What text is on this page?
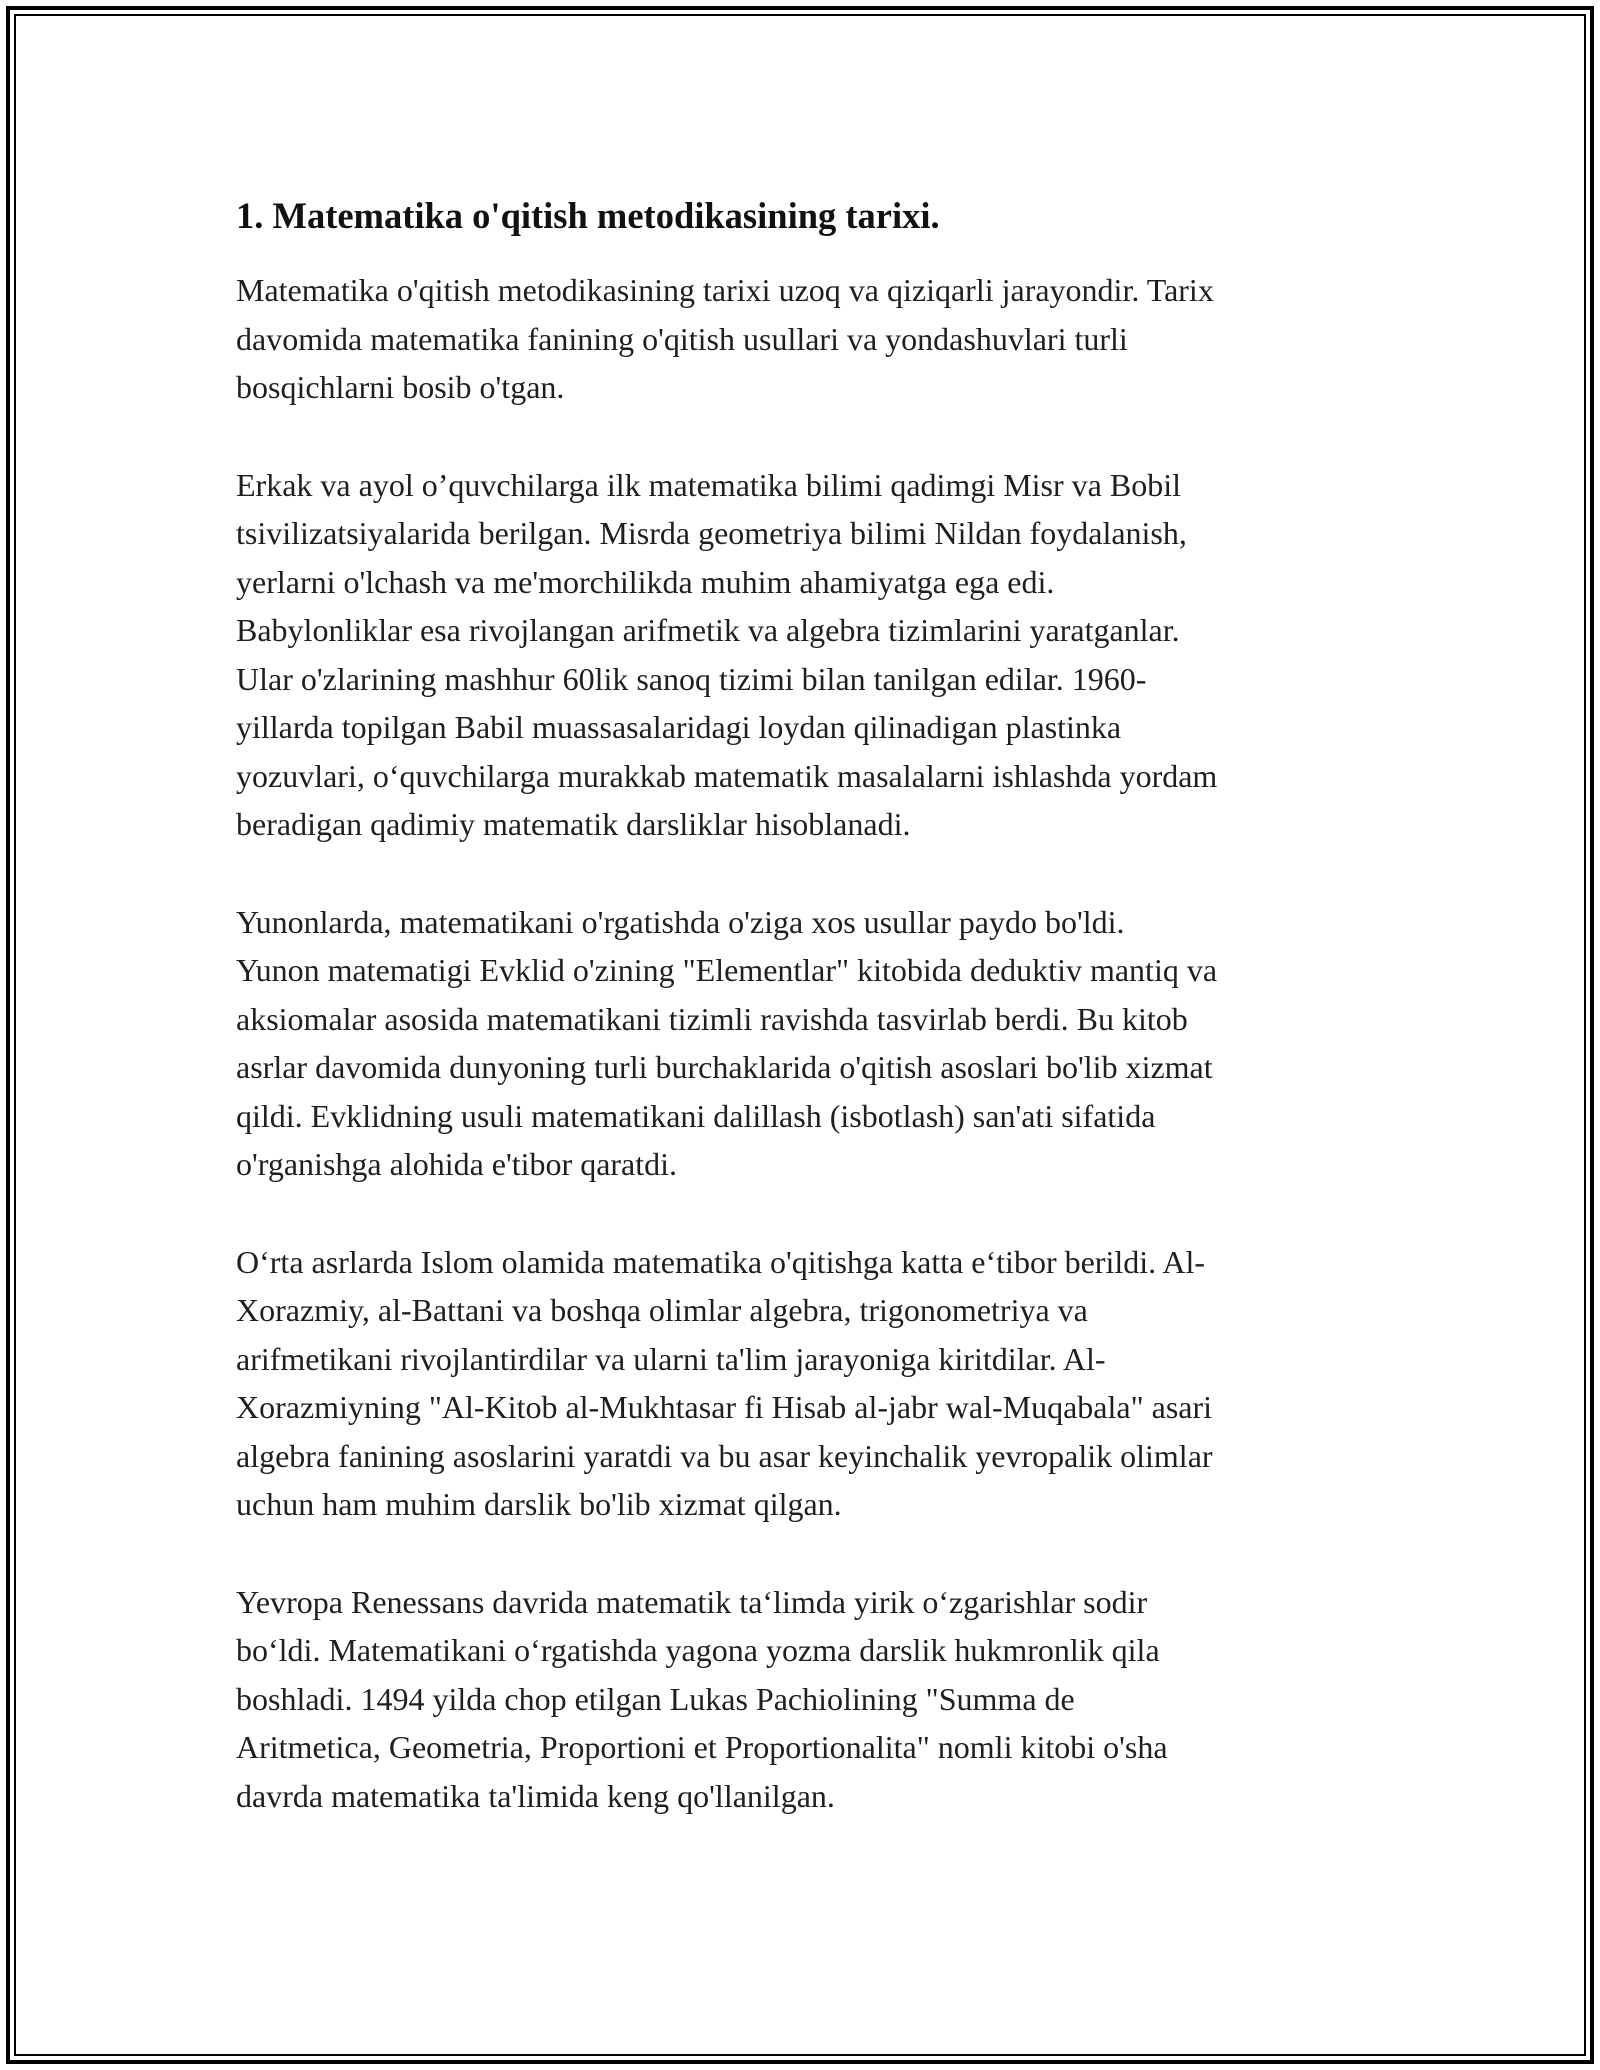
1. Matematika o'qitish metodikasining tarixi.

Matematika o'qitish metodikasining tarixi uzoq va qiziqarli jarayondir. Tarix
davomida matematika fanining o'qitish usullari va yondashuvlari turli
bosqichlarni bosib o'tgan.

Erkak va ayol o’quvchilarga ilk matematika bilimi qadimgi Misr va Bobil
tsivilizatsiyalarida berilgan. Misrda geometriya bilimi Nildan foydalanish,
yerlarni o'lchash va me'morchilikda muhim ahamiyatga ega edi.
Babylonliklar esa rivojlangan arifmetik va algebra tizimlarini yaratganlar.
Ular o'zlarining mashhur 60lik sanoq tizimi bilan tanilgan edilar. 1960-
yillarda topilgan Babil muassasalaridagi loydan qilinadigan plastinka
yozuvlari, o‘quvchilarga murakkab matematik masalalarni ishlashda yordam
beradigan qadimiy matematik darsliklar hisoblanadi.

Yunonlarda, matematikani o'rgatishda o'ziga xos usullar paydo bo'ldi.
Yunon matematigi Evklid o'zining "Elementlar" kitobida deduktiv mantiq va
aksiomalar asosida matematikani tizimli ravishda tasvirlab berdi. Bu kitob
asrlar davomida dunyoning turli burchaklarida o'qitish asoslari bo'lib xizmat
qildi. Evklidning usuli matematikani dalillash (isbotlash) san'ati sifatida
o'rganishga alohida e'tibor qaratdi.

O‘rta asrlarda Islom olamida matematika o'qitishga katta e‘tibor berildi. Al-
Xorazmiy, al-Battani va boshqa olimlar algebra, trigonometriya va
arifmetikani rivojlantirdilar va ularni ta'lim jarayoniga kiritdilar. Al-
Xorazmiyning "Al-Kitob al-Mukhtasar fi Hisab al-jabr wal-Muqabala" asari
algebra fanining asoslarini yaratdi va bu asar keyinchalik yevropalik olimlar
uchun ham muhim darslik bo'lib xizmat qilgan.

Yevropa Renessans davrida matematik ta‘limda yirik o‘zgarishlar sodir
bo‘ldi. Matematikani o‘rgatishda yagona yozma darslik hukmronlik qila
boshladi. 1494 yilda chop etilgan Lukas Pachiolining "Summa de
Aritmetica, Geometria, Proportioni et Proportionalita" nomli kitobi o'sha
davrda matematika ta'limida keng qo'llanilgan.
